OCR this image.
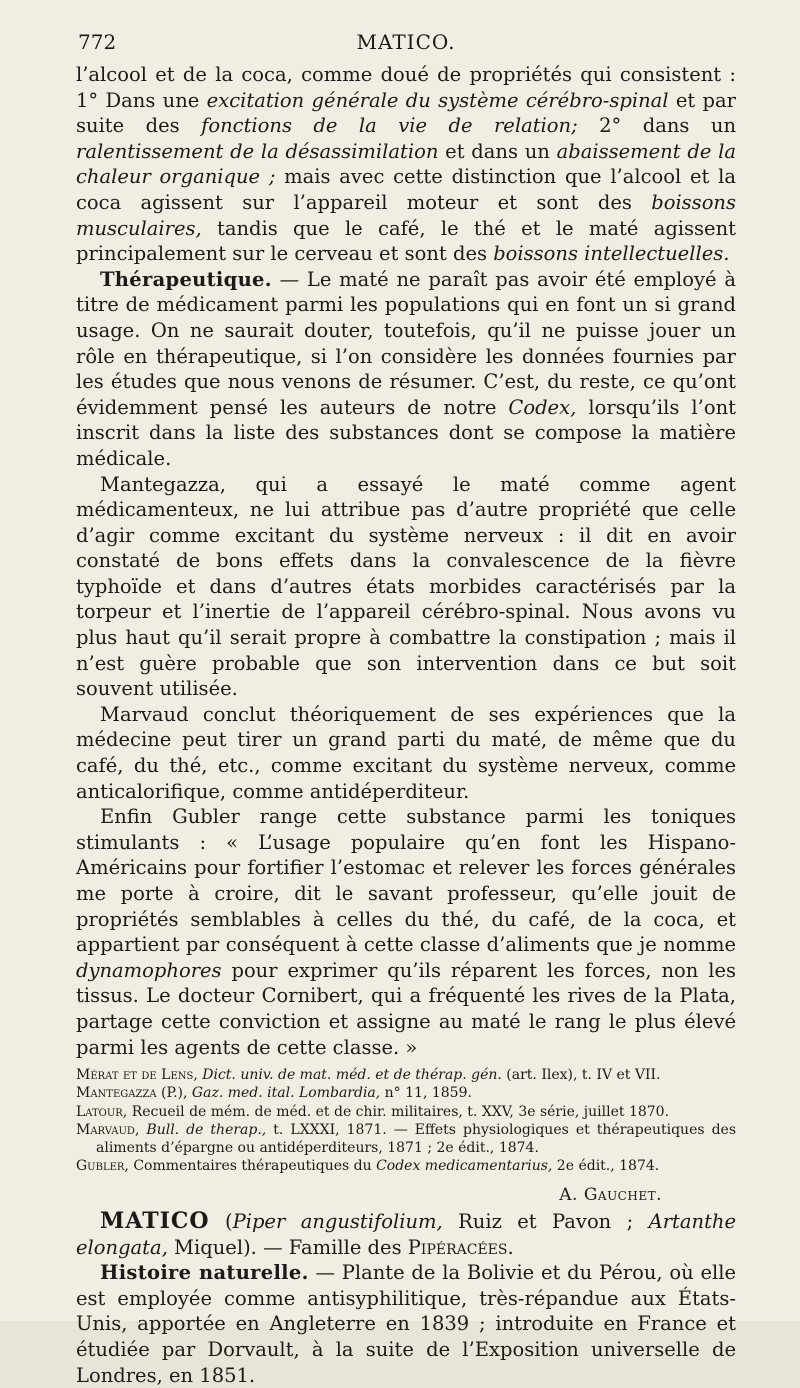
772	MATICO.

l’alcool et de la coca, comme doué de propriétés qui consistent : 1° Dans une excitation générale du système cérébro-spinal et par suite des fonctions de la vie de relation; 2° dans un ralentissement de la désassimilation et dans un abaissement de la chaleur organique ; mais avec cette distinction que l’alcool et la coca agissent sur l’appareil moteur et sont des boissons musculaires, tandis que le café, le thé et le maté agissent principalement sur le cerveau et sont des boissons intellectuelles.

Thérapeutique. — Le maté ne paraît pas avoir été employé à titre de médicament parmi les populations qui en font un si grand usage. On ne saurait douter, toutefois, qu’il ne puisse jouer un rôle en thérapeutique, si l’on considère les données fournies par les études que nous venons de résumer. C’est, du reste, ce qu’ont évidemment pensé les auteurs de notre Codex, lorsqu’ils l’ont inscrit dans la liste des substances dont se compose la matière médicale.

Mantegazza, qui a essayé le maté comme agent médicamenteux, ne lui attribue pas d’autre propriété que celle d’agir comme excitant du système nerveux : il dit en avoir constaté de bons effets dans la convalescence de la fièvre typhoïde et dans d’autres états morbides caractérisés par la torpeur et l’inertie de l’appareil cérébro-spinal. Nous avons vu plus haut qu’il serait propre à combattre la constipation ; mais il n’est guère probable que son intervention dans ce but soit souvent utilisée.

Marvaud conclut théoriquement de ses expériences que la médecine peut tirer un grand parti du maté, de même que du café, du thé, etc., comme excitant du système nerveux, comme anticalorifique, comme antidéperditeur.

Enfin Gubler range cette substance parmi les toniques stimulants : « L’usage populaire qu’en font les Hispano-Américains pour fortifier l’estomac et relever les forces générales me porte à croire, dit le savant professeur, qu’elle jouit de propriétés semblables à celles du thé, du café, de la coca, et appartient par conséquent à cette classe d’aliments que je nomme dynamophores pour exprimer qu’ils réparent les forces, non les tissus. Le docteur Cornibert, qui a fréquenté les rives de la Plata, partage cette conviction et assigne au maté le rang le plus élevé parmi les agents de cette classe. »

Mérat et de Lens, Dict. univ. de mat. méd. et de thérap. gén. (art. Ilex), t. IV et VII.
Mantegazza (P.), Gaz. med. ital. Lombardia, n° 11, 1859.
Latour, Recueil de mém. de méd. et de chir. militaires, t. XXV, 3e série, juillet 1870.
Marvaud, Bull. de therap., t. LXXXI, 1871. — Effets physiologiques et thérapeutiques des aliments d’épargne ou antidéperditeurs, 1871 ; 2e édit., 1874.
Gubler, Commentaires thérapeutiques du Codex medicamentarius, 2e édit., 1874.
A. Gauchet.

MATICO (Piper angustifolium, Ruiz et Pavon ; Artanthe elongata, Miquel). — Famille des Pipéracées.

Histoire naturelle. — Plante de la Bolivie et du Pérou, où elle est employée comme antisyphilitique, très-répandue aux États-Unis, apportée en Angleterre en 1839 ; introduite en France et étudiée par Dorvault, à la suite de l’Exposition universelle de Londres, en 1851.
